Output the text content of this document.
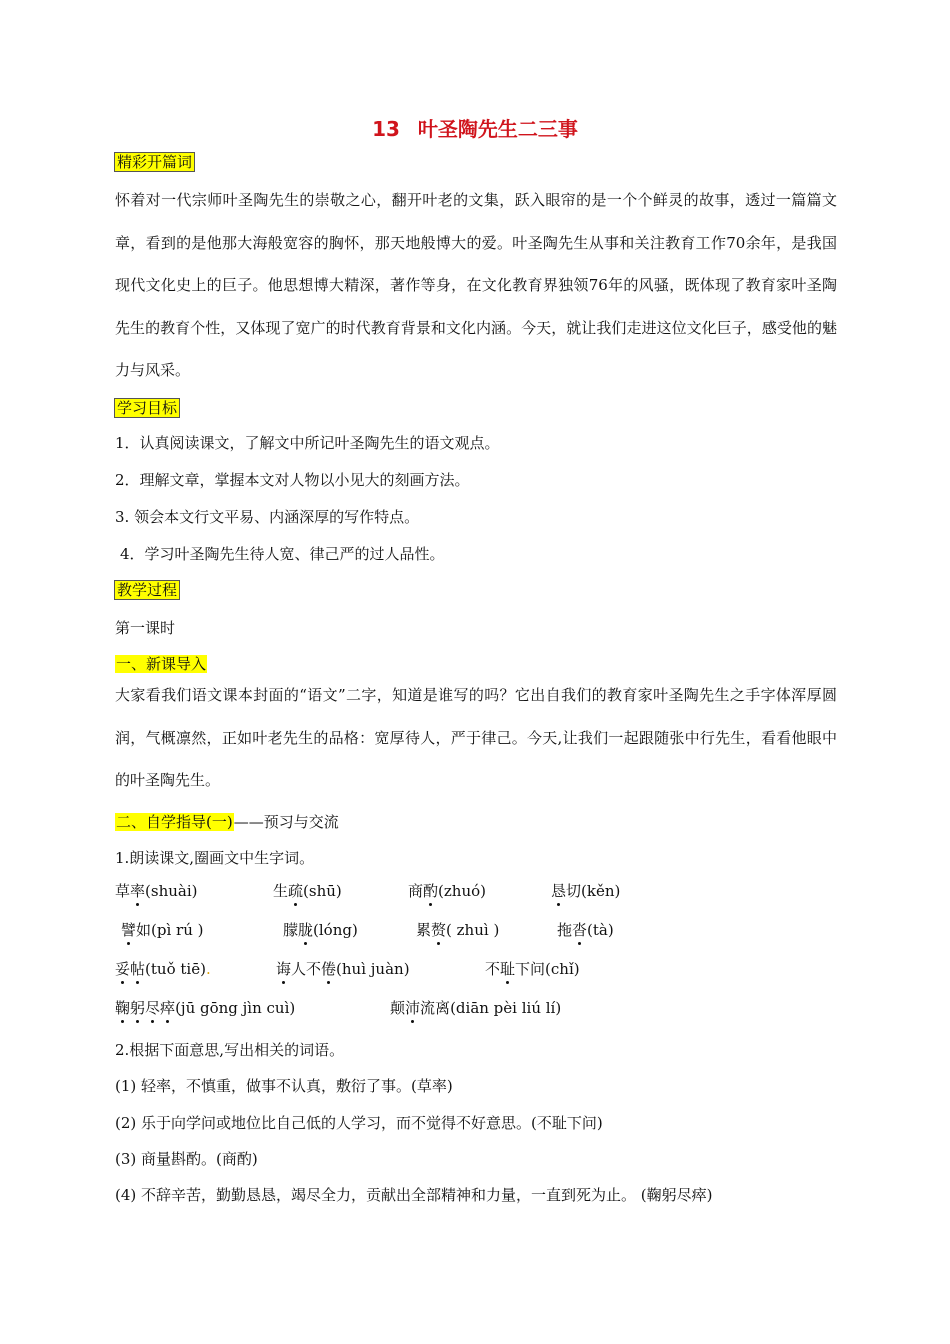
13 叶圣陶先生二三事
精彩开篇词
怀着对一代宗师叶圣陶先生的崇敬之心，翻开叶老的文集，跃入眼帘的是一个个鲜灵的故事，透过一篇篇文章，看到的是他那大海般宽容的胸怀，那天地般博大的爱。叶圣陶先生从事和关注教育工作70余年，是我国现代文化史上的巨子。他思想博大精深，著作等身，在文化教育界独领76年的风骚，既体现了教育家叶圣陶先生的教育个性，又体现了宽广的时代教育背景和文化内涵。今天，就让我们走进这位文化巨子，感受他的魅力与风采。
学习目标
1．认真阅读课文，了解文中所记叶圣陶先生的语文观点。
2．理解文章，掌握本文对人物以小见大的刻画方法。
3. 领会本文行文平易、内涵深厚的写作特点。
4．学习叶圣陶先生待人宽、律己严的过人品性。
教学过程
第一课时
一、新课导入
大家看我们语文课本封面的“语文”二字，知道是谁写的吗？它出自我们的教育家叶圣陶先生之手字体浑厚圆润，气概凛然，正如叶老先生的品格：宽厚待人，严于律己。今天,让我们一起跟随张中行先生，看看他眼中的叶圣陶先生。
二、自学指导(一)——预习与交流
1.朗读课文,圈画文中生字词。
草率(shuài)	生疏(shū)	商酌(zhuó)	恳切(kěn)
譬如(pì rú )	朦胧(lóng)	累赘( zhuì )	拖沓(tà)
妥帖(tuǒ tiē).	诲人不倦(huì juàn)	不耻下问(chǐ)
鞠躬尽瘁(jū gōng jìn cuì)	颠沛流离(diān pèi liú lí)
2.根据下面意思,写出相关的词语。
(1) 轻率，不慎重，做事不认真，敷衍了事。(草率)
(2) 乐于向学问或地位比自己低的人学习，而不觉得不好意思。(不耻下问)
(3) 商量斟酌。(商酌)
(4) 不辞辛苦，勤勤恳恳，竭尽全力，贡献出全部精神和力量，一直到死为止。 (鞠躬尽瘁)
